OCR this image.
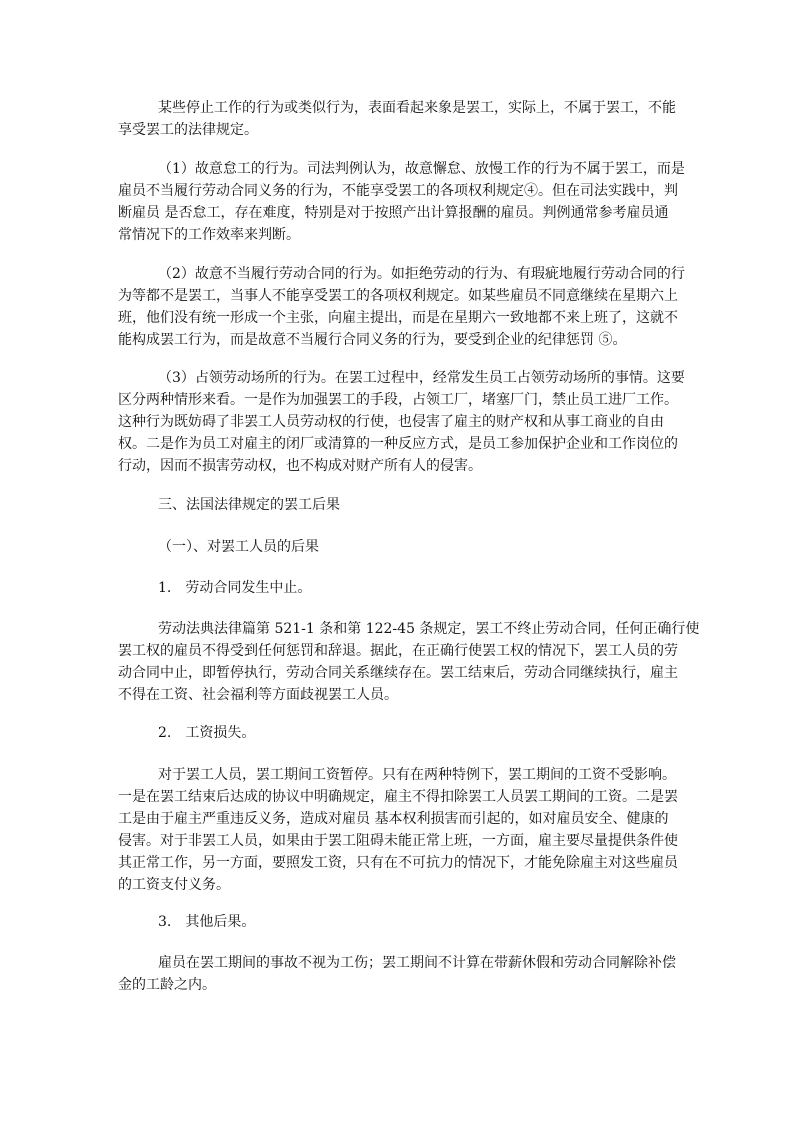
某些停止工作的行为或类似行为，表面看起来象是罢工，实际上，不属于罢工，不能
享受罢工的法律规定。

（1）故意怠工的行为。司法判例认为，故意懈怠、放慢工作的行为不属于罢工，而是
雇员不当履行劳动合同义务的行为，不能享受罢工的各项权利规定④。但在司法实践中，判
断雇员 是否怠工，存在难度，特别是对于按照产出计算报酬的雇员。判例通常参考雇员通
常情况下的工作效率来判断。

（2）故意不当履行劳动合同的行为。如拒绝劳动的行为、有瑕疵地履行劳动合同的行
为等都不是罢工，当事人不能享受罢工的各项权利规定。如某些雇员不同意继续在星期六上
班，他们没有统一形成一个主张，向雇主提出，而是在星期六一致地都不来上班了，这就不
能构成罢工行为，而是故意不当履行合同义务的行为，要受到企业的纪律惩罚 ⑤。

（3）占领劳动场所的行为。在罢工过程中，经常发生员工占领劳动场所的事情。这要
区分两种情形来看。一是作为加强罢工的手段，占领工厂，堵塞厂门，禁止员工进厂工作。
这种行为既妨碍了非罢工人员劳动权的行使，也侵害了雇主的财产权和从事工商业的自由
权。二是作为员工对雇主的闭厂或清算的一种反应方式，是员工参加保护企业和工作岗位的
行动，因而不损害劳动权，也不构成对财产所有人的侵害。

三、法国法律规定的罢工后果

（一）、对罢工人员的后果

1.　劳动合同发生中止。

劳动法典法律篇第 521-1 条和第 122-45 条规定，罢工不终止劳动合同，任何正确行使
罢工权的雇员不得受到任何惩罚和辞退。据此，在正确行使罢工权的情况下，罢工人员的劳
动合同中止，即暂停执行，劳动合同关系继续存在。罢工结束后，劳动合同继续执行，雇主
不得在工资、社会福利等方面歧视罢工人员。

2.　工资损失。

对于罢工人员，罢工期间工资暂停。只有在两种特例下，罢工期间的工资不受影响。
一是在罢工结束后达成的协议中明确规定，雇主不得扣除罢工人员罢工期间的工资。二是罢
工是由于雇主严重违反义务，造成对雇员 基本权利损害而引起的，如对雇员安全、健康的
侵害。对于非罢工人员，如果由于罢工阻碍未能正常上班，一方面，雇主要尽量提供条件使
其正常工作，另一方面，要照发工资，只有在不可抗力的情况下，才能免除雇主对这些雇员
的工资支付义务。

3.　其他后果。

雇员在罢工期间的事故不视为工伤；罢工期间不计算在带薪休假和劳动合同解除补偿
金的工龄之内。
